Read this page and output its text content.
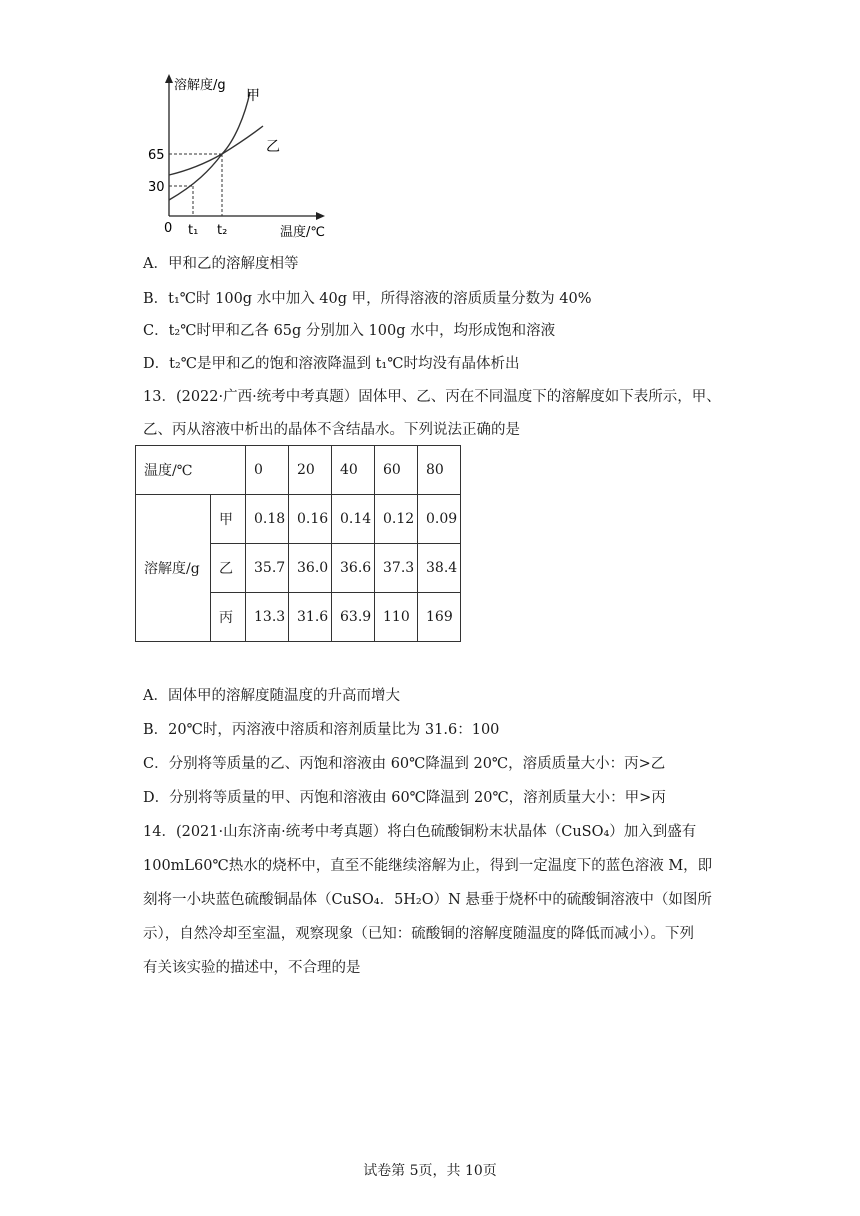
溶解度/g
甲
乙
65
30
0 t₁ t₂	温度/℃
A．甲和乙的溶解度相等
B．t₁℃时 100g 水中加入 40g 甲，所得溶液的溶质质量分数为 40%
C．t₂℃时甲和乙各 65g 分别加入 100g 水中，均形成饱和溶液
D．t₂℃是甲和乙的饱和溶液降温到 t₁℃时均没有晶体析出
13．(2022·广西·统考中考真题）固体甲、乙、丙在不同温度下的溶解度如下表所示，甲、
乙、丙从溶液中析出的晶体不含结晶水。下列说法正确的是
温度/℃		0	20	40	60	80
溶解度/g	甲	0.18	0.16	0.14	0.12	0.09
	乙	35.7	36.0	36.6	37.3	38.4
	丙	13.3	31.6	63.9	110	169
A．固体甲的溶解度随温度的升高而增大
B．20℃时，丙溶液中溶质和溶剂质量比为 31.6：100
C．分别将等质量的乙、丙饱和溶液由 60℃降温到 20℃，溶质质量大小：丙>乙
D．分别将等质量的甲、丙饱和溶液由 60℃降温到 20℃，溶剂质量大小：甲>丙
14．(2021·山东济南·统考中考真题）将白色硫酸铜粉末状晶体（CuSO₄）加入到盛有
100mL60℃热水的烧杯中，直至不能继续溶解为止，得到一定温度下的蓝色溶液 M，即
刻将一小块蓝色硫酸铜晶体（CuSO₄．5H₂O）N 悬垂于烧杯中的硫酸铜溶液中（如图所
示），自然冷却至室温，观察现象（已知：硫酸铜的溶解度随温度的降低而减小）。下列
有关该实验的描述中，不合理的是
试卷第 5页，共 10页
